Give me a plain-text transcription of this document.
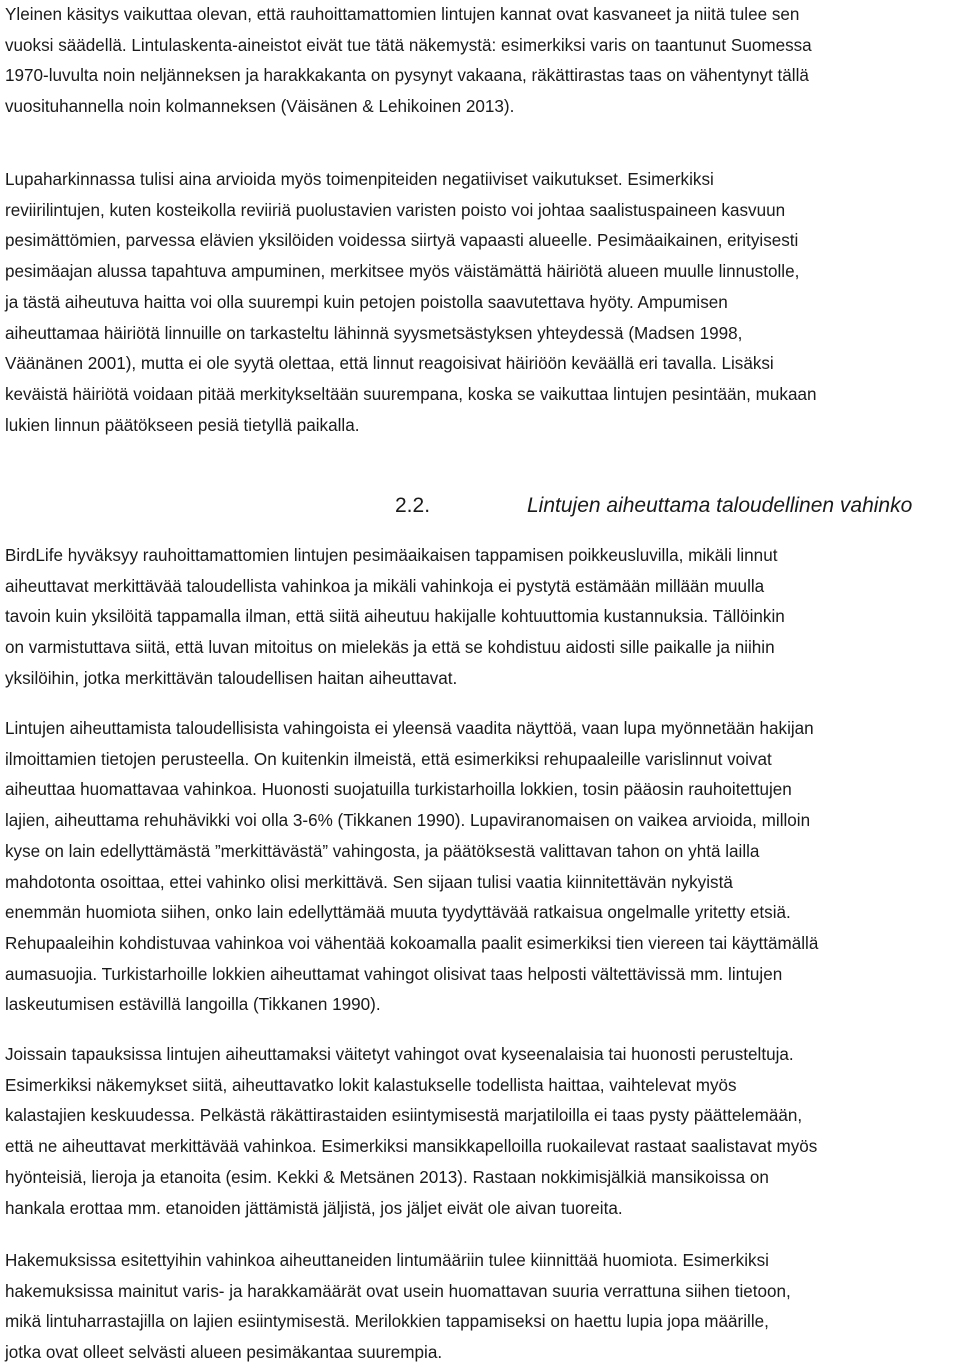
Yleinen käsitys vaikuttaa olevan, että rauhoittamattomien lintujen kannat ovat kasvaneet ja niitä tulee sen
vuoksi säädellä. Lintulaskenta-aineistot eivät tue tätä näkemystä: esimerkiksi varis on taantunut Suomessa
1970-luvulta noin neljänneksen ja harakkakanta on pysynyt vakaana, räkättirastas taas on vähentynyt tällä
vuosituhannella noin kolmanneksen (Väisänen & Lehikoinen 2013).

Lupaharkinnassa tulisi aina arvioida myös toimenpiteiden negatiiviset vaikutukset. Esimerkiksi
reviirilintujen, kuten kosteikolla reviiriä puolustavien varisten poisto voi johtaa saalistuspaineen kasvuun
pesimättömien, parvessa elävien yksilöiden voidessa siirtyä vapaasti alueelle. Pesimäaikainen, erityisesti
pesimäajan alussa tapahtuva ampuminen, merkitsee myös väistämättä häiriötä alueen muulle linnustolle,
ja tästä aiheutuva haitta voi olla suurempi kuin petojen poistolla saavutettava hyöty. Ampumisen
aiheuttamaa häiriötä linnuille on tarkasteltu lähinnä syysmetsästyksen yhteydessä (Madsen 1998,
Väänänen 2001), mutta ei ole syytä olettaa, että linnut reagoisivat häiriöön keväällä eri tavalla. Lisäksi
keväistä häiriötä voidaan pitää merkitykseltään suurempana, koska se vaikuttaa lintujen pesintään, mukaan
lukien linnun päätökseen pesiä tietyllä paikalla.

Lintujen aiheuttama taloudellinen vahinko
2.2.

BirdLife hyväksyy rauhoittamattomien lintujen pesimäaikaisen tappamisen poikkeusluvilla, mikäli linnut
aiheuttavat merkittävää taloudellista vahinkoa ja mikäli vahinkoja ei pystytä estämään millään muulla
tavoin kuin yksilöitä tappamalla ilman, että siitä aiheutuu hakijalle kohtuuttomia kustannuksia. Tällöinkin
on varmistuttava siitä, että luvan mitoitus on mielekäs ja että se kohdistuu aidosti sille paikalle ja niihin
yksilöihin, jotka merkittävän taloudellisen haitan aiheuttavat.

Lintujen aiheuttamista taloudellisista vahingoista ei yleensä vaadita näyttöä, vaan lupa myönnetään hakijan
ilmoittamien tietojen perusteella. On kuitenkin ilmeistä, että esimerkiksi rehupaaleille varislinnut voivat
aiheuttaa huomattavaa vahinkoa. Huonosti suojatuilla turkistarhoilla lokkien, tosin pääosin rauhoitettujen
lajien, aiheuttama rehuhävikki voi olla 3-6% (Tikkanen 1990). Lupaviranomaisen on vaikea arvioida, milloin
kyse on lain edellyttämästä ”merkittävästä” vahingosta, ja päätöksestä valittavan tahon on yhtä lailla
mahdotonta osoittaa, ettei vahinko olisi merkittävä. Sen sijaan tulisi vaatia kiinnitettävän nykyistä
enemmän huomiota siihen, onko lain edellyttämää muuta tyydyttävää ratkaisua ongelmalle yritetty etsiä.
Rehupaaleihin kohdistuvaa vahinkoa voi vähentää kokoamalla paalit esimerkiksi tien viereen tai käyttämällä
aumasuojia. Turkistarhoille lokkien aiheuttamat vahingot olisivat taas helposti vältettävissä mm. lintujen
laskeutumisen estävillä langoilla (Tikkanen 1990).

Joissain tapauksissa lintujen aiheuttamaksi väitetyt vahingot ovat kyseenalaisia tai huonosti perusteltuja.
Esimerkiksi näkemykset siitä, aiheuttavatko lokit kalastukselle todellista haittaa, vaihtelevat myös
kalastajien keskuudessa. Pelkästä räkättirastaiden esiintymisestä marjatiloilla ei taas pysty päättelemään,
että ne aiheuttavat merkittävää vahinkoa. Esimerkiksi mansikkapelloilla ruokailevat rastaat saalistavat myös
hyönteisiä, lieroja ja etanoita (esim. Kekki & Metsänen 2013). Rastaan nokkimisjälkiä mansikoissa on
hankala erottaa mm. etanoiden jättämistä jäljistä, jos jäljet eivät ole aivan tuoreita.

Hakemuksissa esitettyihin vahinkoa aiheuttaneiden lintumääriin tulee kiinnittää huomiota. Esimerkiksi
hakemuksissa mainitut varis- ja harakkamäärät ovat usein huomattavan suuria verrattuna siihen tietoon,
mikä lintuharrastajilla on lajien esiintymisestä. Merilokkien tappamiseksi on haettu lupia jopa määrille,
jotka ovat olleet selvästi alueen pesimäkantaa suurempia.
